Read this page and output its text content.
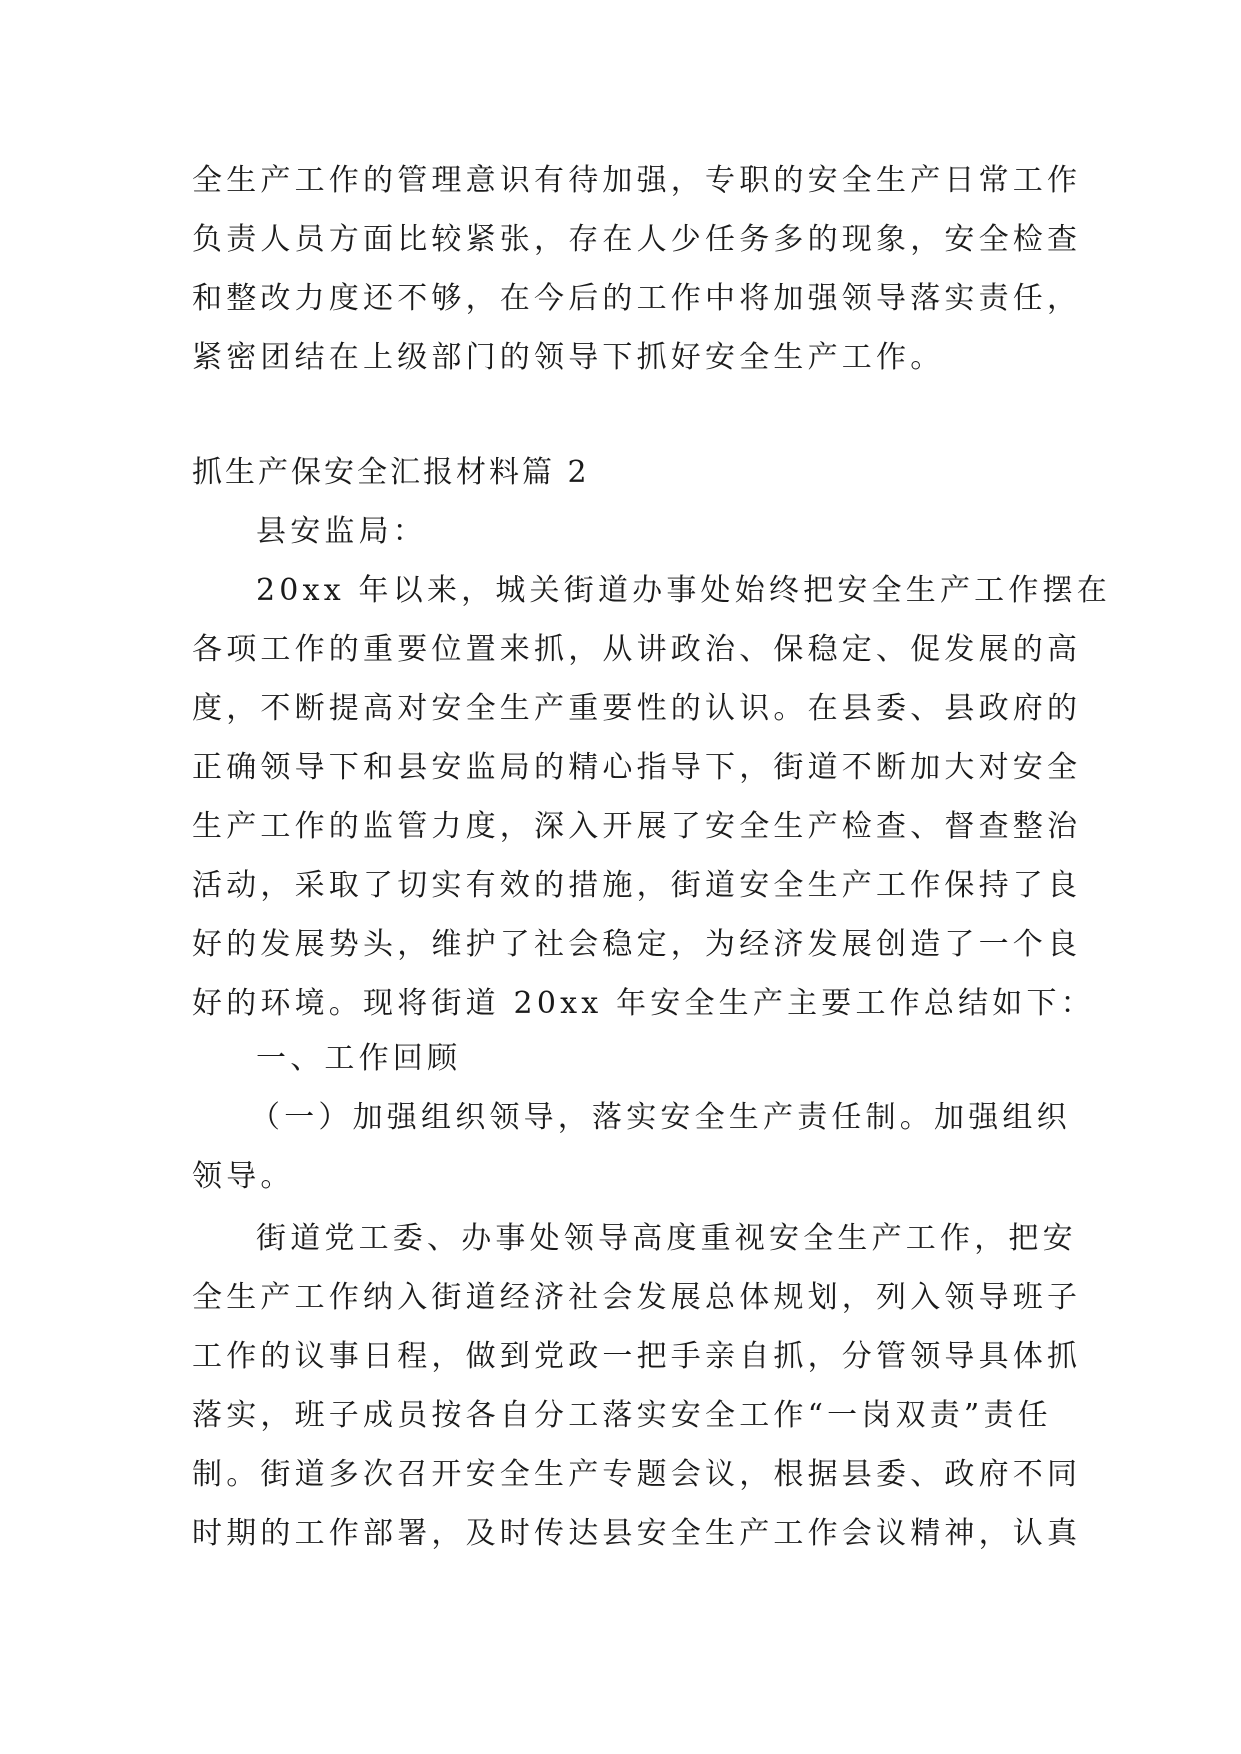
全生产工作的管理意识有待加强，专职的安全生产日常工作
负责人员方面比较紧张，存在人少任务多的现象，安全检查
和整改力度还不够，在今后的工作中将加强领导落实责任，
紧密团结在上级部门的领导下抓好安全生产工作。
抓生产保安全汇报材料篇 2
县安监局：
20xx 年以来，城关街道办事处始终把安全生产工作摆在
各项工作的重要位置来抓，从讲政治、保稳定、促发展的高
度，不断提高对安全生产重要性的认识。在县委、县政府的
正确领导下和县安监局的精心指导下，街道不断加大对安全
生产工作的监管力度，深入开展了安全生产检查、督查整治
活动，采取了切实有效的措施，街道安全生产工作保持了良
好的发展势头，维护了社会稳定，为经济发展创造了一个良
好的环境。现将街道 20xx 年安全生产主要工作总结如下：
一、工作回顾
（一）加强组织领导，落实安全生产责任制。加强组织
领导。
街道党工委、办事处领导高度重视安全生产工作，把安
全生产工作纳入街道经济社会发展总体规划，列入领导班子
工作的议事日程，做到党政一把手亲自抓，分管领导具体抓
落实，班子成员按各自分工落实安全工作“一岗双责”责任
制。街道多次召开安全生产专题会议，根据县委、政府不同
时期的工作部署，及时传达县安全生产工作会议精神，认真
